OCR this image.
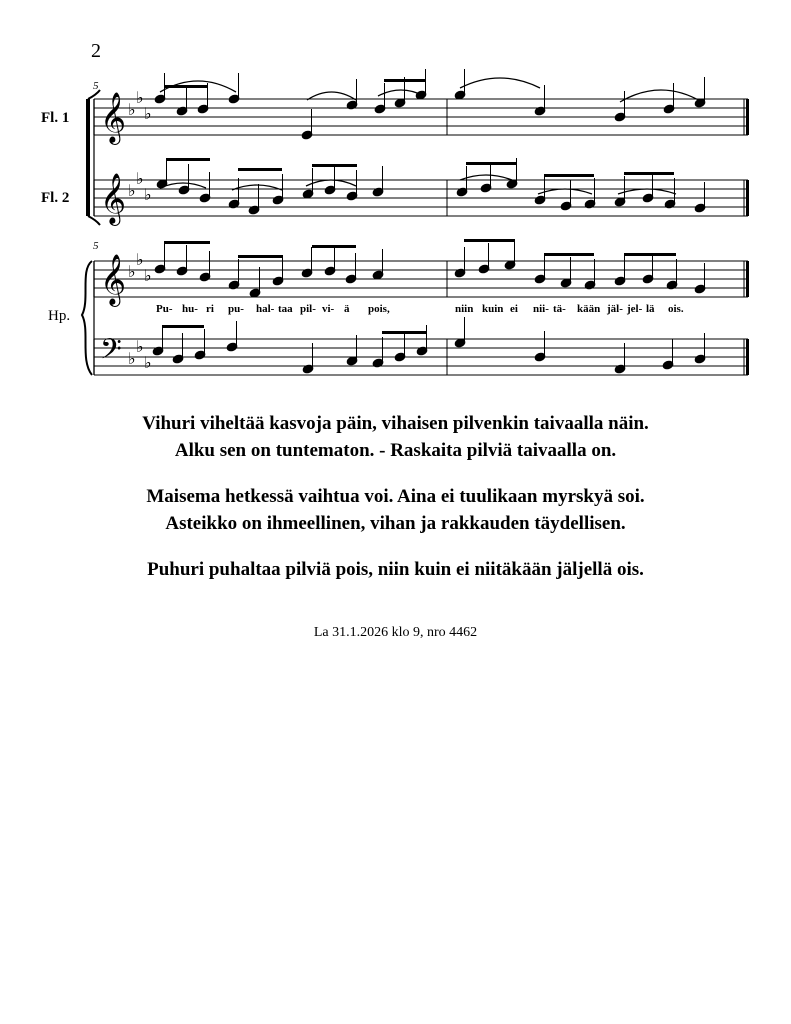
2
𝄞 ♭
♭
♭
𝄞 ♭
♭
♭
𝄞 ♭
♭
♭
𝄢 ♭
♭
♭
Fl. 1
Fl. 2
Hp.
5
5
Pu- hu- ri pu- hal- taa pil- vi- ä pois,	niin kuin ei nii- tä- kään jäl- jel- lä ois.

Vihuri viheltää kasvoja päin, vihaisen pilvenkin taivaalla näin.

Alku sen on tuntematon. - Raskaita pilviä taivaalla on.

Maisema hetkessä vaihtua voi. Aina ei tuulikaan myrskyä soi.

Asteikko on ihmeellinen, vihan ja rakkauden täydellisen.

Puhuri puhaltaa pilviä pois, niin kuin ei niitäkään jäljellä ois.

La 31.1.2026 klo 9, nro 4462
